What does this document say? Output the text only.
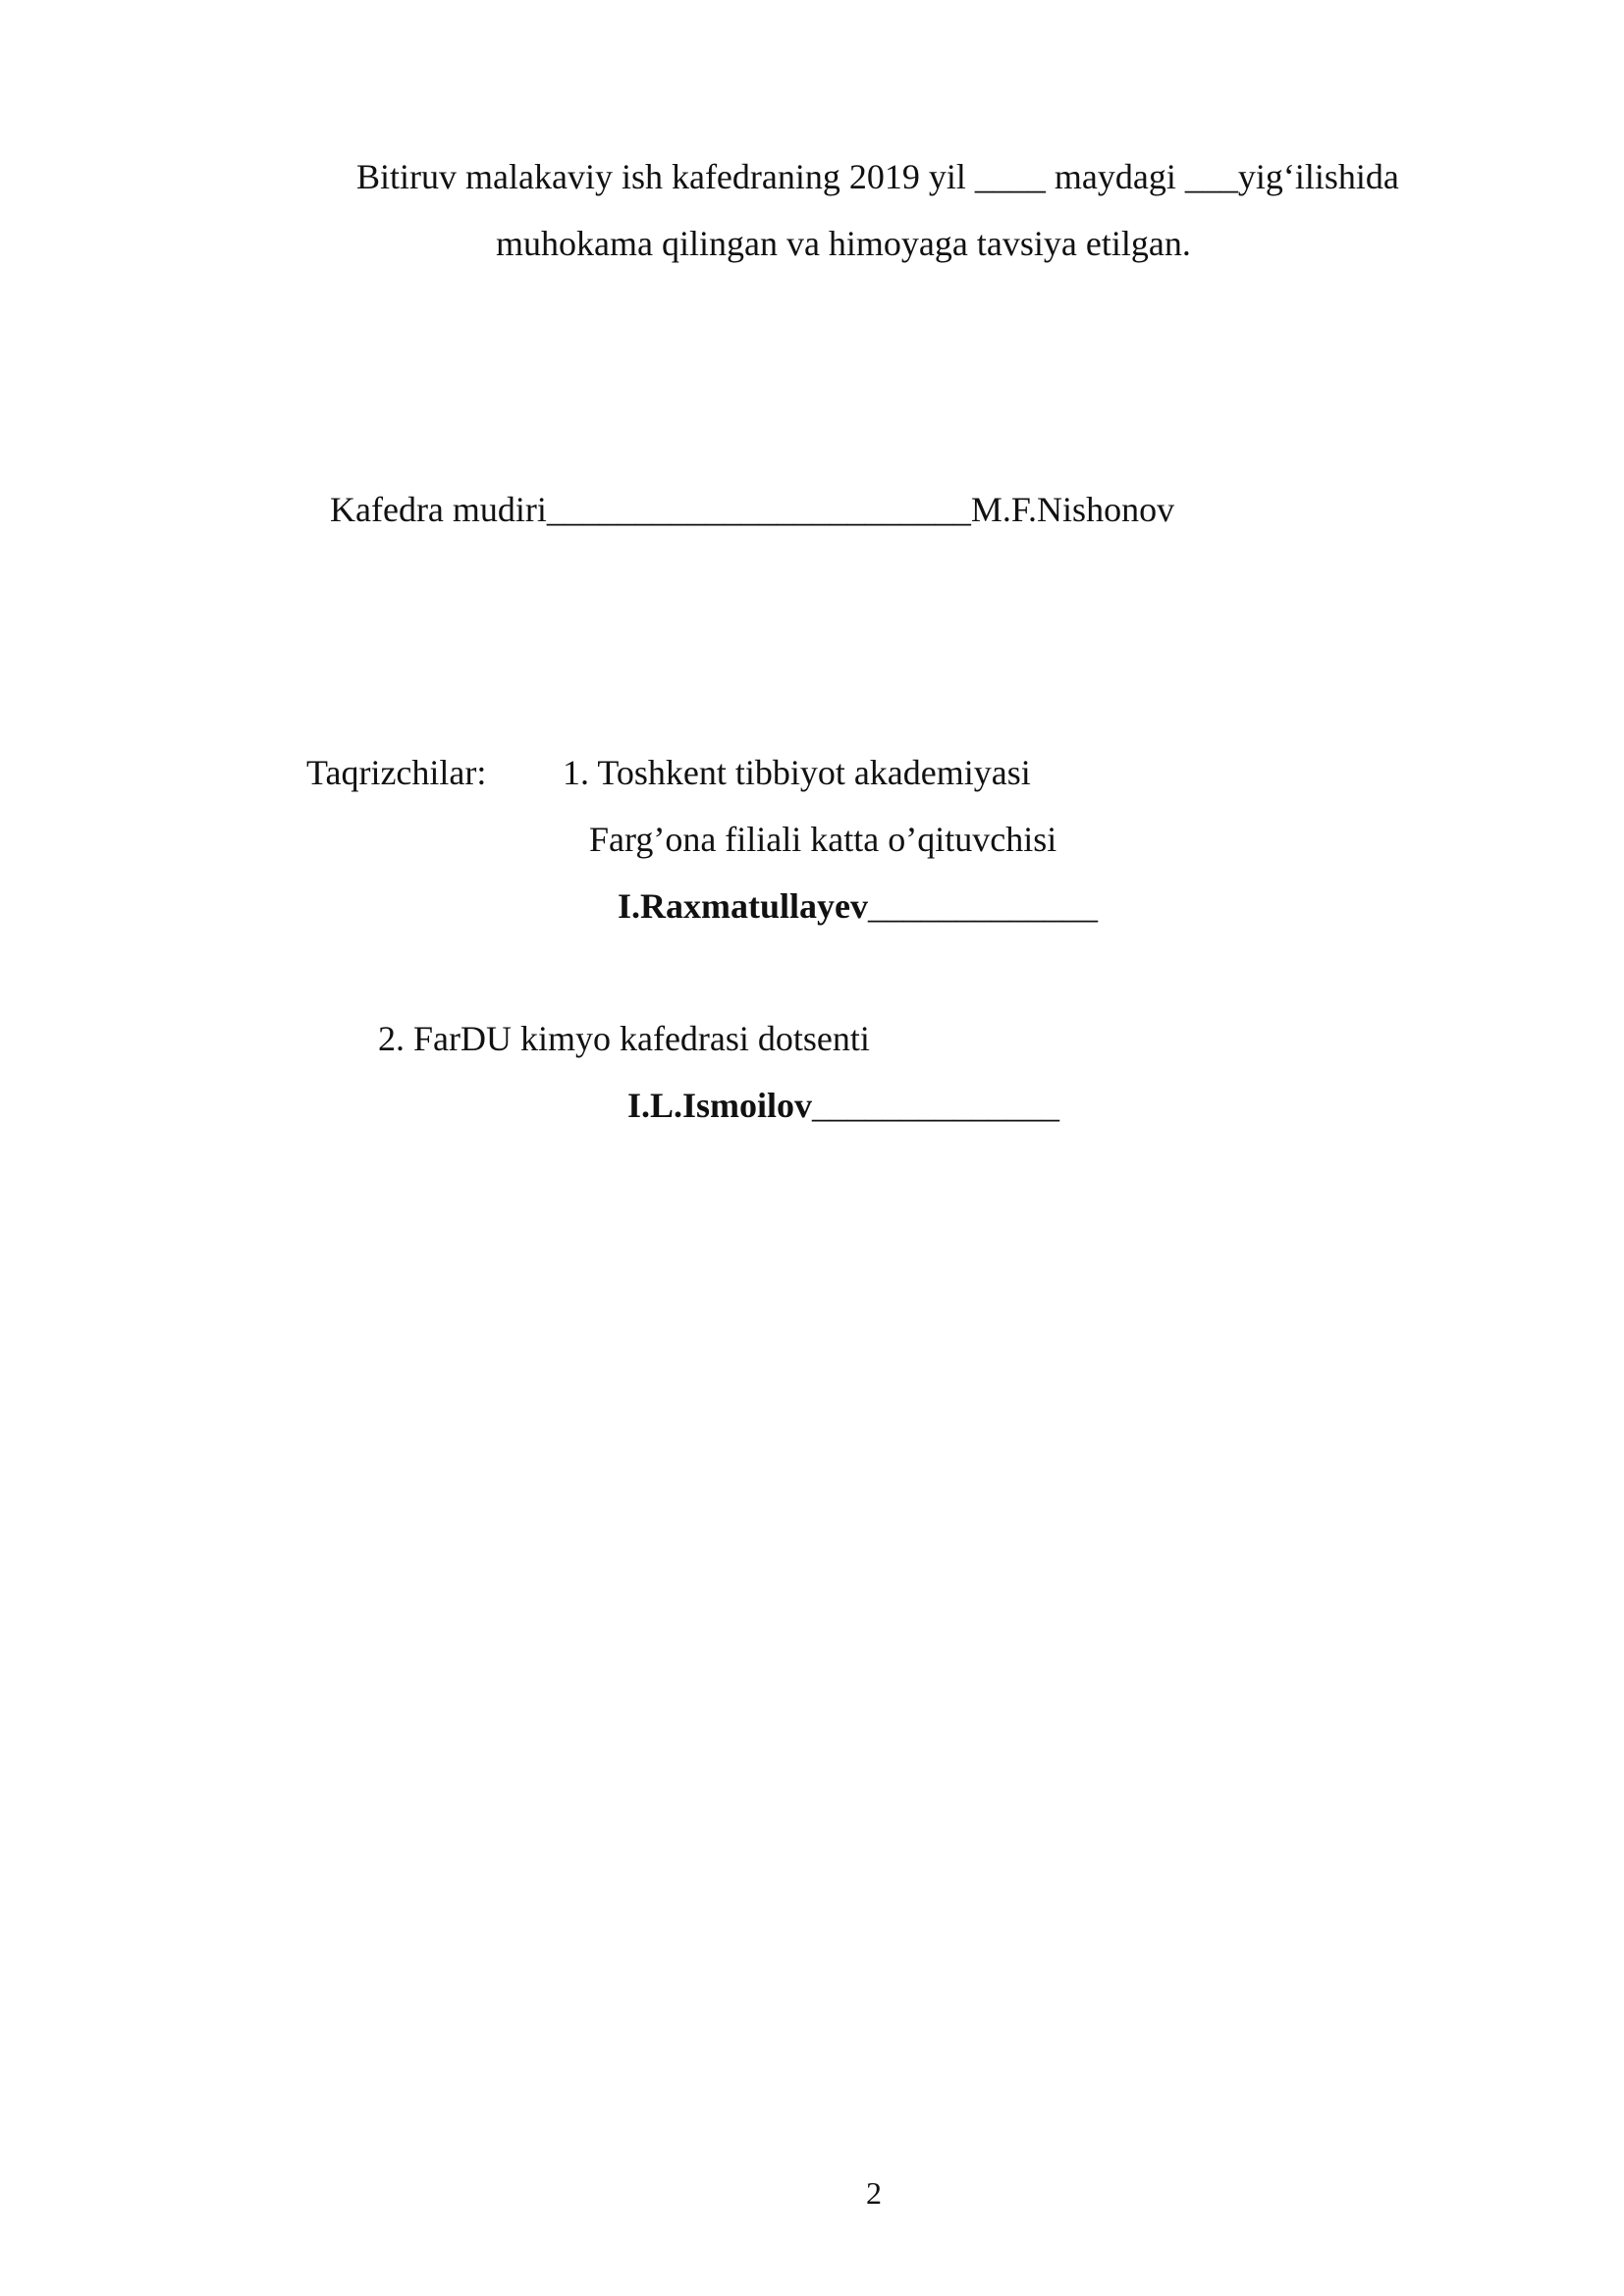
Bitiruv malakaviy ish kafedraning 2019 yil ____ maydagi ___yig‘ilishida
muhokama qilingan va himoyaga tavsiya etilgan.
Kafedra mudiri________________________M.F.Nishonov
Taqrizchilar: 1. Toshkent tibbiyot akademiyasi
Farg’ona filiali katta o’qituvchisi
I.Raxmatullayev_____________
2. FarDU kimyo kafedrasi dotsenti
I.L.Ismoilov______________
2
